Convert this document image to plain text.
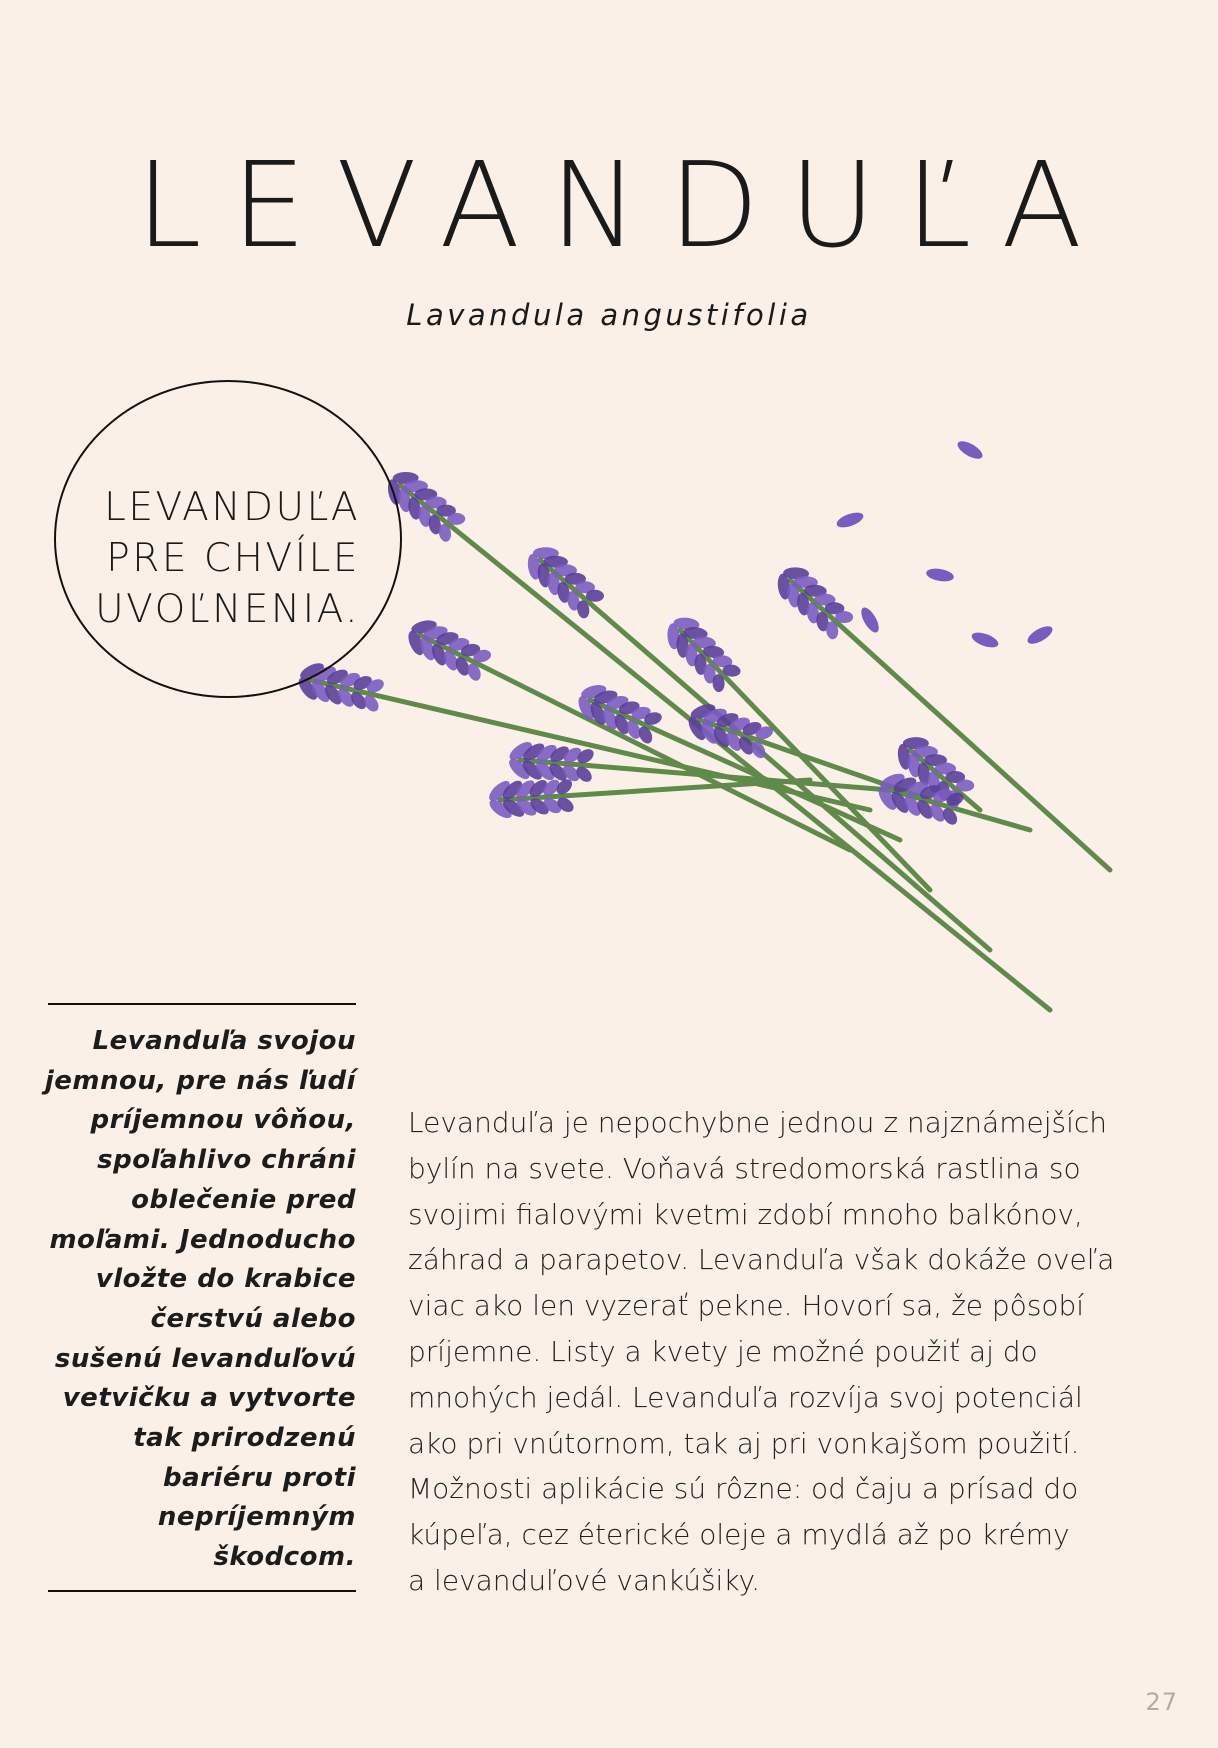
LEVANDUĽA
Lavandula angustifolia
LEVANDUĽA
PRE CHVÍLE
UVOĽNENIA.
Levanduľa svojou
jemnou, pre nás ľudí
príjemnou vôňou,
spoľahlivo chráni
oblečenie pred
moľami. Jednoducho
vložte do krabice
čerstvú alebo
sušenú levanduľovú
vetvičku a vytvorte
tak prirodzenú
bariéru proti
nepríjemným
škodcom.
Levanduľa je nepochybne jednou z najznámejších
bylín na svete. Voňavá stredomorská rastlina so
svojimi fialovými kvetmi zdobí mnoho balkónov,
záhrad a parapetov. Levanduľa však dokáže oveľa
viac ako len vyzerať pekne. Hovorí sa, že pôsobí
príjemne. Listy a kvety je možné použiť aj do
mnohých jedál. Levanduľa rozvíja svoj potenciál
ako pri vnútornom, tak aj pri vonkajšom použití.
Možnosti aplikácie sú rôzne: od čaju a prísad do
kúpeľa, cez éterické oleje a mydlá až po krémy
a levanduľové vankúšiky.
27
